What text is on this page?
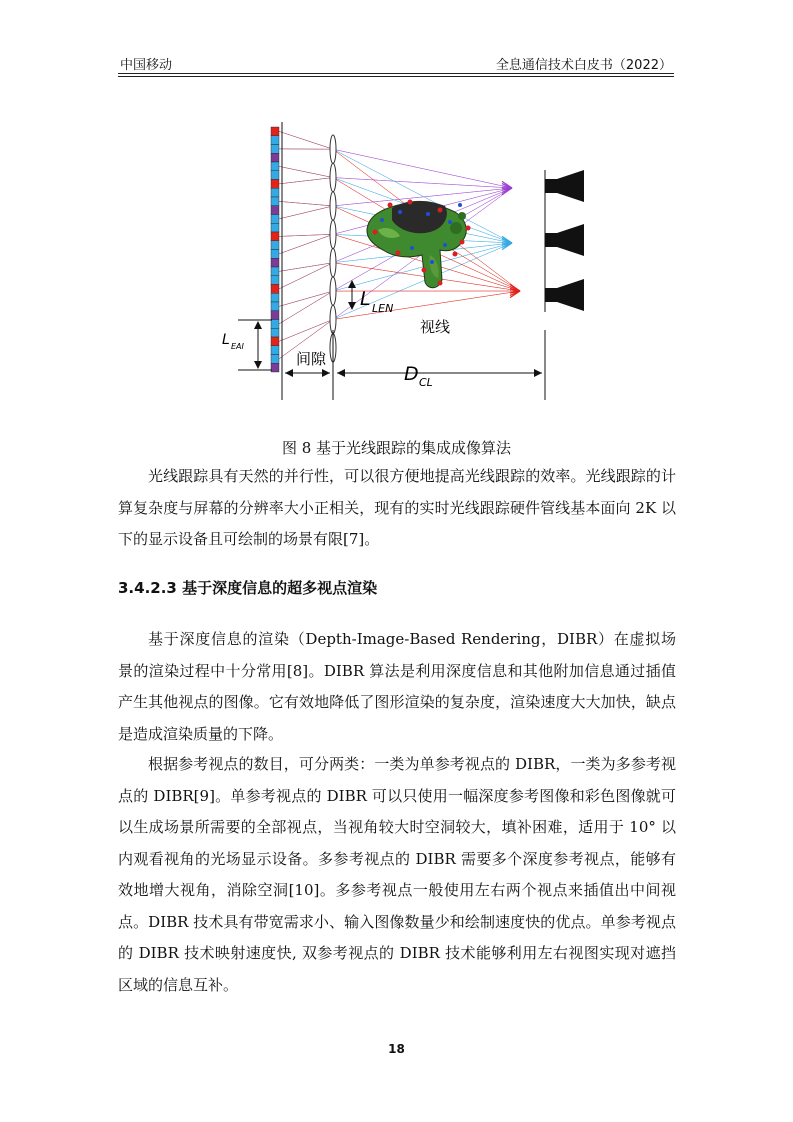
中国移动	全息通信技术白皮书（2022）
间隙
视线
L LEN
L EAI
D CL
图 8 基于光线跟踪的集成成像算法

光线跟踪具有天然的并行性，可以很方便地提高光线跟踪的效率。光线跟踪的计算复杂度与屏幕的分辨率大小正相关，现有的实时光线跟踪硬件管线基本面向 2K 以下的显示设备且可绘制的场景有限[7]。

3.4.2.3 基于深度信息的超多视点渲染

基于深度信息的渲染（Depth-Image-Based Rendering，DIBR）在虚拟场景的渲染过程中十分常用[8]。DIBR 算法是利用深度信息和其他附加信息通过插值产生其他视点的图像。它有效地降低了图形渲染的复杂度，渲染速度大大加快，缺点是造成渲染质量的下降。

根据参考视点的数目，可分两类：一类为单参考视点的 DIBR，一类为多参考视点的 DIBR[9]。单参考视点的 DIBR 可以只使用一幅深度参考图像和彩色图像就可以生成场景所需要的全部视点，当视角较大时空洞较大，填补困难，适用于 10° 以内观看视角的光场显示设备。多参考视点的 DIBR 需要多个深度参考视点，能够有效地增大视角，消除空洞[10]。多参考视点一般使用左右两个视点来插值出中间视点。DIBR 技术具有带宽需求小、输入图像数量少和绘制速度快的优点。单参考视点的 DIBR 技术映射速度快, 双参考视点的 DIBR 技术能够利用左右视图实现对遮挡区域的信息互补。

18
